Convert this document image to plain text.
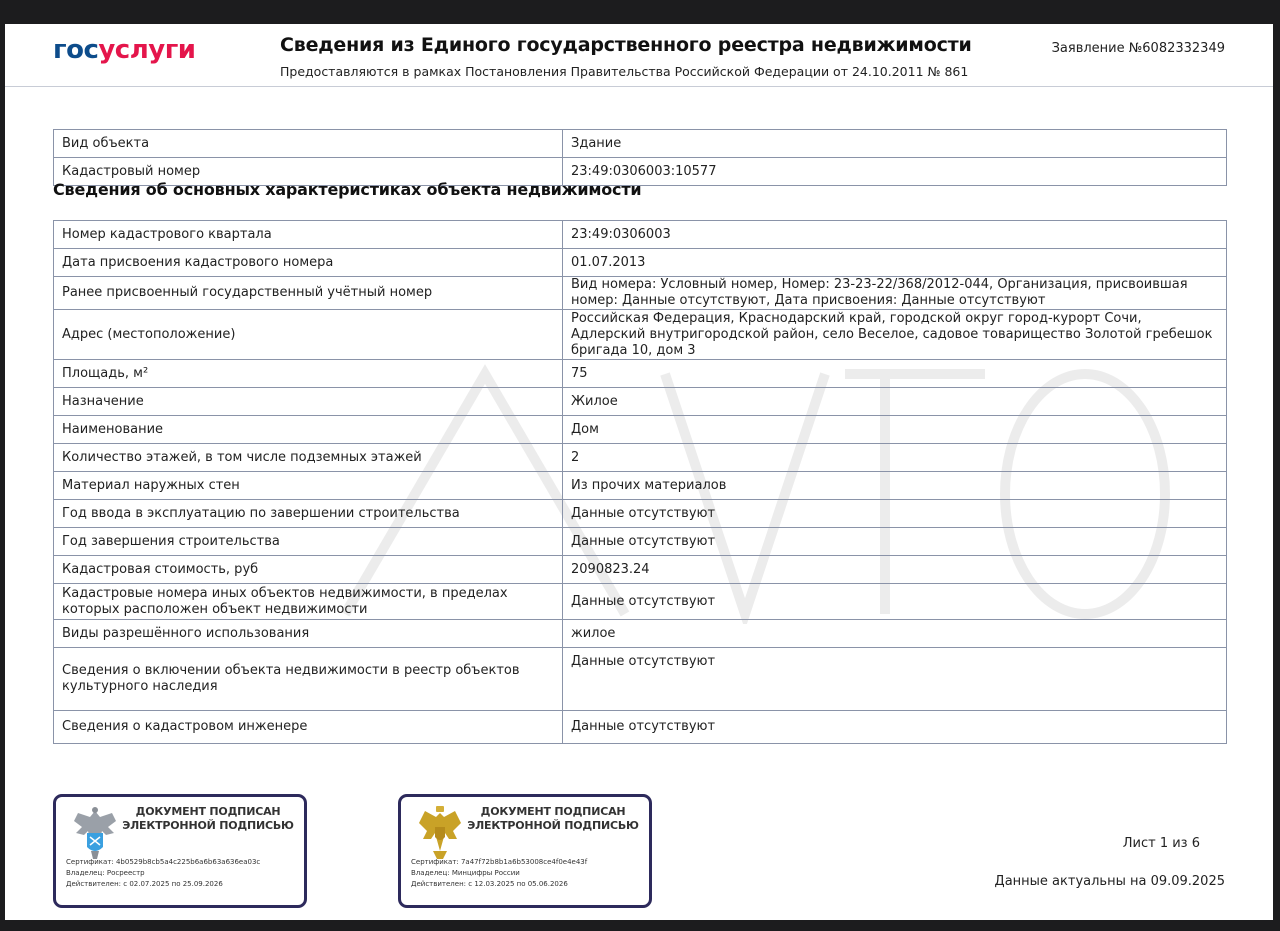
госуслуги	Сведения из Единого государственного реестра недвижимости
Предоставляются в рамках Постановления Правительства Российской Федерации от 24.10.2011 № 861
Заявление №6082332349
Вид объекта	Здание
Кадастровый номер	23:49:0306003:10577
Сведения об основных характеристиках объекта недвижимости
Номер кадастрового квартала	23:49:0306003
Дата присвоения кадастрового номера	01.07.2013
Ранее присвоенный государственный учётный номер	Вид номера: Условный номер, Номер: 23-23-22/368/2012-044, Организация, присвоившая номер: Данные отсутствуют, Дата присвоения: Данные отсутствуют
Адрес (местоположение)	Российская Федерация, Краснодарский край, городской округ город-курорт Сочи, Адлерский внутригородской район, село Веселое, садовое товарищество Золотой гребешок бригада 10, дом 3
Площадь, м²	75
Назначение	Жилое
Наименование	Дом
Количество этажей, в том числе подземных этажей	2
Материал наружных стен	Из прочих материалов
Год ввода в эксплуатацию по завершении строительства	Данные отсутствуют
Год завершения строительства	Данные отсутствуют
Кадастровая стоимость, руб	2090823.24
Кадастровые номера иных объектов недвижимости, в пределах которых расположен объект недвижимости	Данные отсутствуют
Виды разрешённого использования	жилое
Сведения о включении объекта недвижимости в реестр объектов культурного наследия	Данные отсутствуют
Сведения о кадастровом инженере	Данные отсутствуют
ДОКУМЕНТ ПОДПИСАН ЭЛЕКТРОННОЙ ПОДПИСЬЮ
Сертификат: 4b0529b8cb5a4c225b6a6b63a636ea03c
Владелец: Росреестр
Действителен: с 02.07.2025 по 25.09.2026
ДОКУМЕНТ ПОДПИСАН ЭЛЕКТРОННОЙ ПОДПИСЬЮ
Сертификат: 7a47f72b8b1a6b53008ce4f0e4e43f
Владелец: Минцифры России
Действителен: с 12.03.2025 по 05.06.2026
Лист 1 из 6
Данные актуальны на 09.09.2025
